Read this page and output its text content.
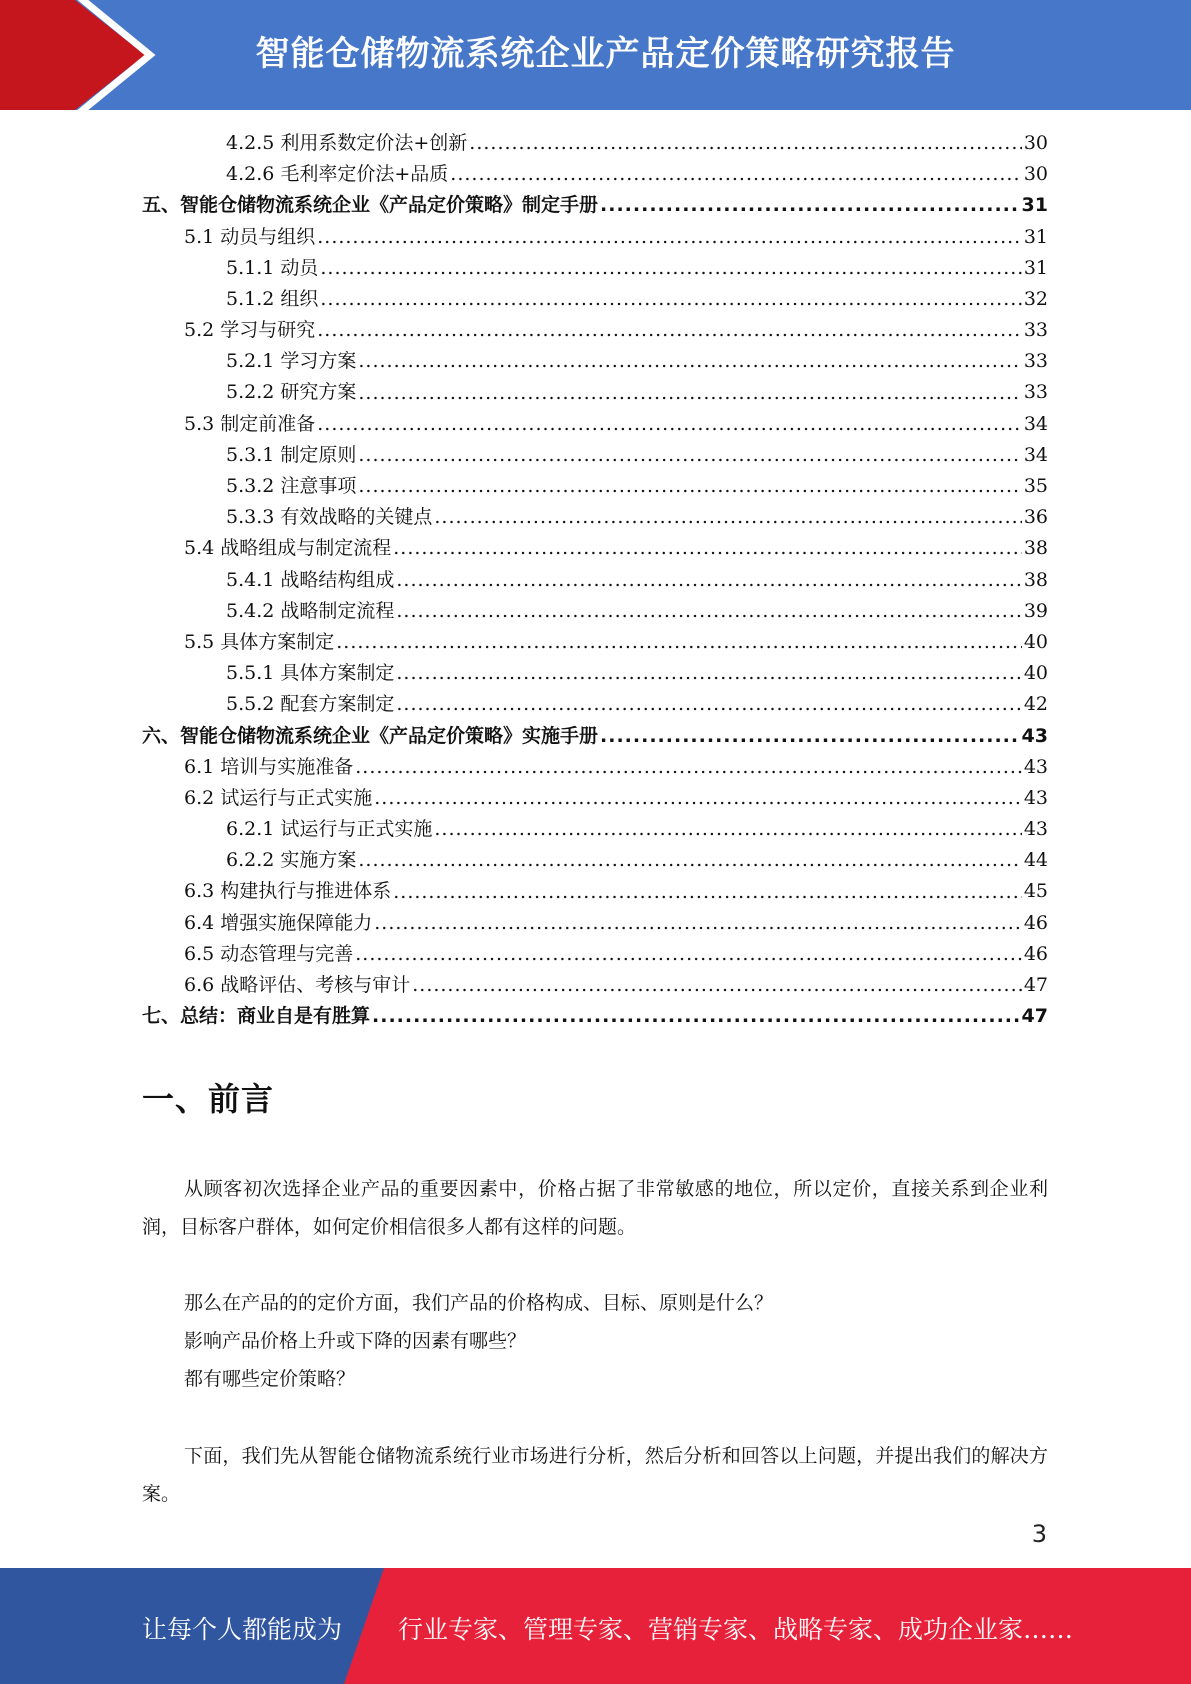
智能仓储物流系统企业产品定价策略研究报告
4.2.5 利用系数定价法+创新 .....	30
4.2.6 毛利率定价法+品质 .....	30
五、智能仓储物流系统企业《产品定价策略》制定手册 .....	31
5.1 动员与组织 .....	31
5.1.1 动员 .....	31
5.1.2 组织 .....	32
5.2 学习与研究 .....	33
5.2.1 学习方案 .....	33
5.2.2 研究方案 .....	33
5.3 制定前准备 .....	34
5.3.1 制定原则 .....	34
5.3.2 注意事项 .....	35
5.3.3 有效战略的关键点 .....	36
5.4 战略组成与制定流程 .....	38
5.4.1 战略结构组成 .....	38
5.4.2 战略制定流程 .....	39
5.5 具体方案制定 .....	40
5.5.1 具体方案制定 .....	40
5.5.2 配套方案制定 .....	42
六、智能仓储物流系统企业《产品定价策略》实施手册 .....	43
6.1 培训与实施准备 .....	43
6.2 试运行与正式实施 .....	43
6.2.1 试运行与正式实施 .....	43
6.2.2 实施方案 .....	44
6.3 构建执行与推进体系 .....	45
6.4 增强实施保障能力 .....	46
6.5 动态管理与完善 .....	46
6.6 战略评估、考核与审计 .....	47
七、总结：商业自是有胜算 .....	47
一、前言

从顾客初次选择企业产品的重要因素中，价格占据了非常敏感的地位，所以定价，直接关系到企业利润，目标客户群体，如何定价相信很多人都有这样的问题。

那么在产品的的定价方面，我们产品的价格构成、目标、原则是什么？
影响产品价格上升或下降的因素有哪些？
都有哪些定价策略？

下面，我们先从智能仓储物流系统行业市场进行分析，然后分析和回答以上问题，并提出我们的解决方案。

3
让每个人都能成为 行业专家、管理专家、营销专家、战略专家、成功企业家……
